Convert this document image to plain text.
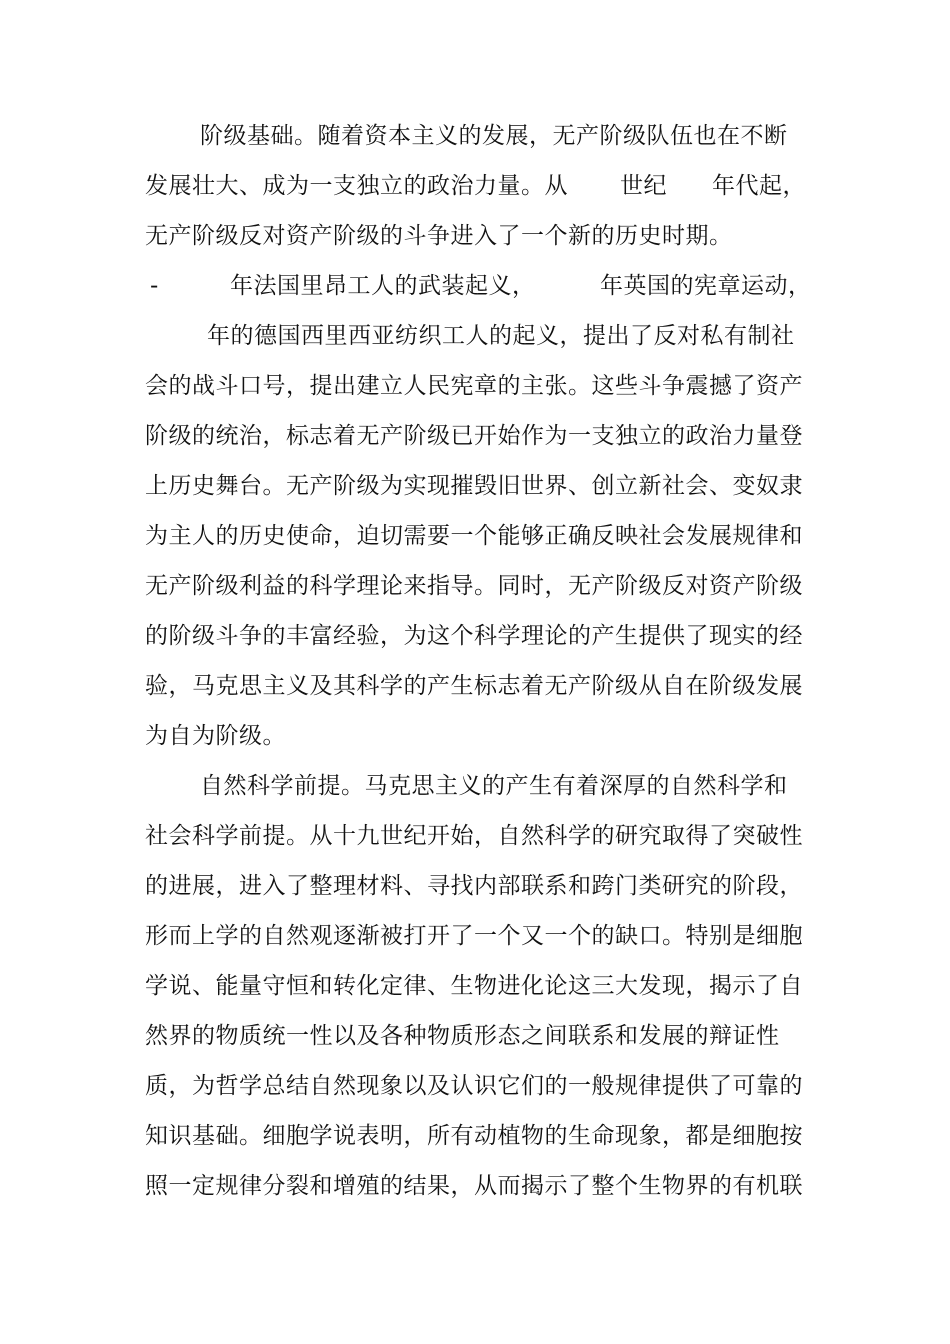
阶级基础。随着资本主义的发展，无产阶级队伍也在不断
发展壮大、成为一支独立的政治力量。从 世纪 年代起，
无产阶级反对资产阶级的斗争进入了一个新的历史时期。
-	年法国里昂工人的武装起义，	年英国的宪章运动，
年的德国西里西亚纺织工人的起义，提出了反对私有制社
会的战斗口号，提出建立人民宪章的主张。这些斗争震撼了资产
阶级的统治，标志着无产阶级已开始作为一支独立的政治力量登
上历史舞台。无产阶级为实现摧毁旧世界、创立新社会、变奴隶
为主人的历史使命，迫切需要一个能够正确反映社会发展规律和
无产阶级利益的科学理论来指导。同时，无产阶级反对资产阶级
的阶级斗争的丰富经验，为这个科学理论的产生提供了现实的经
验，马克思主义及其科学的产生标志着无产阶级从自在阶级发展
为自为阶级。
自然科学前提。马克思主义的产生有着深厚的自然科学和
社会科学前提。从十九世纪开始，自然科学的研究取得了突破性
的进展，进入了整理材料、寻找内部联系和跨门类研究的阶段，
形而上学的自然观逐渐被打开了一个又一个的缺口。特别是细胞
学说、能量守恒和转化定律、生物进化论这三大发现，揭示了自
然界的物质统一性以及各种物质形态之间联系和发展的辩证性
质，为哲学总结自然现象以及认识它们的一般规律提供了可靠的
知识基础。细胞学说表明，所有动植物的生命现象，都是细胞按
照一定规律分裂和增殖的结果，从而揭示了整个生物界的有机联
